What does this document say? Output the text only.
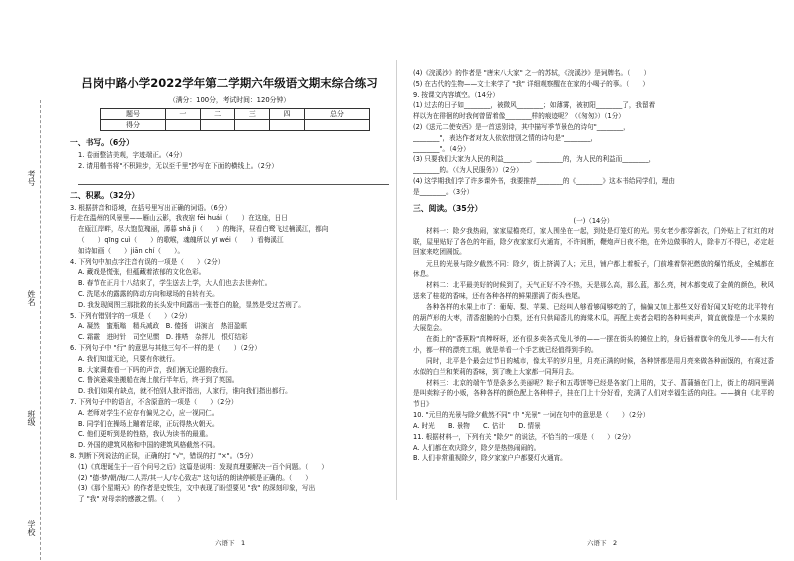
考号
姓名
班级
学校
吕岗中路小学2022学年第二学期六年级语文期末综合练习
（满分：100分，考试时间：120分钟）
题号	一	二	三	四	总分
得分					
一、书写。（6分）
1. 卷面整洁美观，字迹端正。（4分）
2. 请用楷书将"不积跬步，无以至千里"抄写在下面的横线上。（2分）
二、积累。（32分）
3. 根据拼音和语境，在括号里写出正确的词语。（6分）
行走在温州的风景里——雁山云影，我夜宿 fēi huái（　　）在这座，日日
在瓯江岸畔，尽大饱览瑰丽，薄暮 shǎ jì（　　）的梅洋，昼看白鹭飞过楠溪江，都向
（　　）qīng cuì（　　）的歌喉，魂魄所以 yī wéi（　　）看梅溪江
如诗如画（　　）jiān chí（　　）。
4. 下列句中加点字注音有误的一项是（　　）（2分）
A. 藏戏是慌张，但蕴藏着浓郁的文化色彩。
B. 春节在正月十八结束了，学生送去上学，大人们也去去世奔忙。
C. 洗尾水的露露的阵动方向和球场的自转有关。
D. 我发现阅图三那批救的长头发中间露出一张苍白的脸，显然是受过苦刑了。
5. 下列有错别字的一项是（　　）（2分）
A. 凝然　蜜瓶嗡　精兵减政　B. 傻扬　讲演言　热泪盈眶
C. 霜霰　进时针　司空见惯　D. 推嗒　杂拌儿　恨灯结彩
6. 下列句子中 "行" 的意思与其他三句不一样的是（　　）（2分）
A. 我们知道无论，只要有你就行。
B. 大家调查看一下吗的声音，我们俩无论题的我行。
C. 鲁滨逊乘坐搬船在海上航行半年后，终于到了英国。
D. 我们如果有缺点，就不怕别人批评指出，人家行，谁向我们指出都行。
7. 下列句子中的语言，不含原意的一项是（　　）（2分）
A. 老师对学生不应存有偏见之心，应一视同仁。
B. 同学们在操场上蹦着足球，正玩得热火朝天。
C. 他们更听到是的性格，我认为读书的最重。
D. 外国的建筑风格和中国的建筑风格截然不同。
8. 判断下列说法的正误，正确的打 "√"，错误的打 "×"。（5分）
(1)《真理诞生于一百个问号之后》这篇是说明：发现真理要解决一百个问题。（　　）
(2) "德·梦/朝/海/二人弄/其一人/专心致志" 这句话的朗读停顿是正确的。（　　）
(3)《那个星期天》的作者是史铁生，文中表现了盼望要见 "我" 的深刻印象，写出
了 "我" 对母亲的感激之情。（　　）
六语下　1
(4)《浣溪沙》的作者是 "唐宋八大家" 之一的苏轼，《浣溪沙》是词牌名。（　　）
(5) 在古代的生物——文士来学了 "我" 详细观察醒在在家的小喝子的事。（　　）
9. 按课文内容填空。（14分）
(1) 过去的日子如________，被微风________；如薄雾，被初阳________了，我留着
样以为在徘徊的时我何曾留着像________样的痕迹呢？（《匆匆》）（1分）
(2)《送元二使安西》是一首送别诗，其中描写季节景色的诗句"________，
________"，表达作者对友人依依惜别之情的诗句是"________，
________"。（4分）
(3) 只要我们大家为人民的利益________，________的，为人民的利益而________，
________的。（《为人民服务》）（2分）
(4) 这学期我们学了许多课外书，我要推荐________的《________》这本书给同学们，理由
是________。（3分）
三、阅读。（35分）
(一)（14分）
材料一：除夕我热闹，家家屋檐亮灯，家人围坐在一起，到处是灯笼灯的光。男女老少都穿新衣，门外贴上了红红的对联，屋里贴好了各色的年画，除夕夜家家灯火通宵，不许间断，鞭炮声日夜不绝，在外边做事的人，除非万不得已，必定赶回家来吃团圆饭。
元旦的光景与除夕截然不同：除夕，街上挤满了人；元旦，铺户都上着板子，门前堆着祭祀燃放的爆竹纸皮，全城都在休息。
材料二：北平最美好的时候到了，天气正好不冷不热，天是那么高，那么蓝，那么亮，树木都变成了金黄的颜色，秋风送来了桂花的香味，还有各种各样的鲜果摆满了街头巷尾。
各种各样的水果上市了：葡萄、梨、苹果、已经叫人够看够闻够吃的了，偏偏又加上那些又好看好闻又好吃的北平特有的葫芦形的大枣，清香甜脆的小白梨，还有只供闻香儿的海棠木瓜，再配上卖者会唱的各种叫卖声，简直就像是一个水果的大展览会。
在街上的"香蕉粉"真棒呀呀，还有很多卖各式兔儿爷的——一摆在街头的摊位上的，身后插着旗伞的兔儿爷——有大有小，都一样的漂亮工细，就是单看一个手艺就已经值得到手的。
同时，北平是个最会过节日的城市，像太平的岁月里，月亮正满的时候，各种饼都是用月亮来做各种面馍的，有赛过香水似的白兰和茉莉的香味，到了晚上大家都一同拜月去。
材料三：北京的端午节是条多么美丽呢？粽子和五毒饼等已经是各家门上用的，艾子、菖蒲插在门上，街上的胡同里满是叫卖粽子的小贩，各种各样的颜色配上各种样子，挂在门上十分好看，充满了人们对幸福生活的向往。——摘自《北平的节日》
10. "元旦的光景与除夕截然不同" 中 "光景" 一词在句中的意思是（　　）（2分）
A. 时光　　B. 景物　　C. 估计　　D. 情景
11. 根据材料一，下列有关 "除夕" 的说法，不恰当的一项是（　　）（2分）
A. 人们都在欢庆除夕，除夕是热热闹闹的。
B. 人们非常重视除夕，除夕家家户户都要灯火通宵。
六语下　2
